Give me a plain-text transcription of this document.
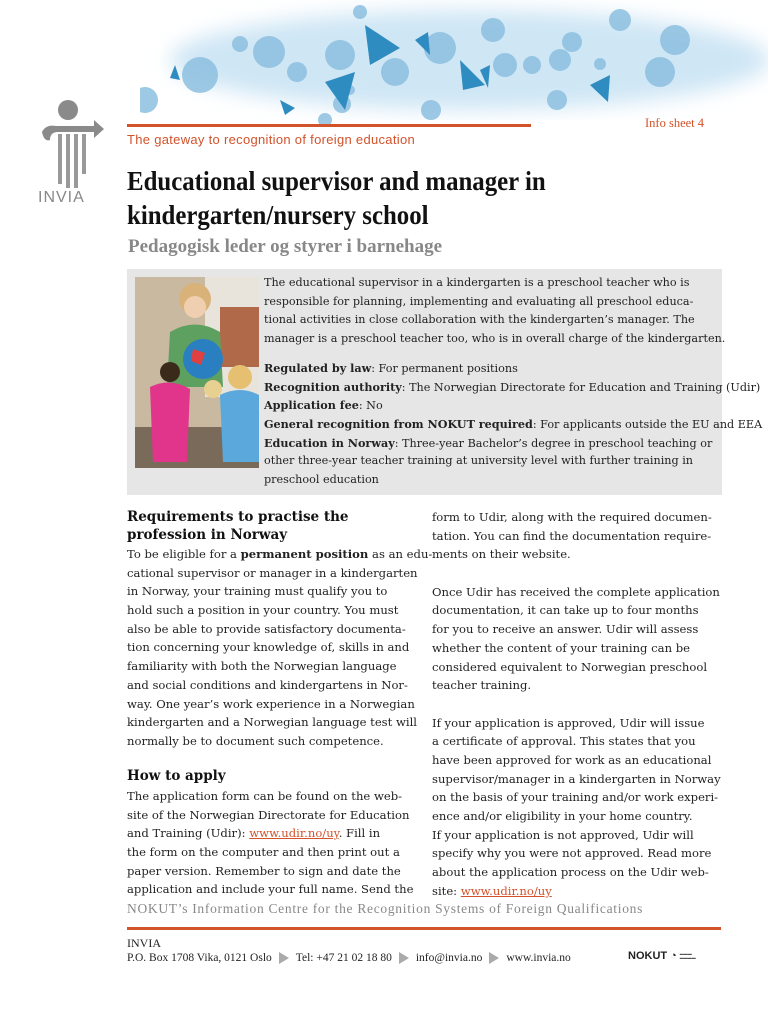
Info sheet 4
The gateway to recognition of foreign education
INVIA
Educational supervisor and manager in
kindergarten/nursery school
Pedagogisk leder og styrer i barnehage
The educational supervisor in a kindergarten is a preschool teacher who is
responsible for planning, implementing and evaluating all preschool educa-
tional activities in close collaboration with the kindergarten’s manager. The
manager is a preschool teacher too, who is in overall charge of the kindergarten.
Regulated by law: For permanent positions
Recognition authority: The Norwegian Directorate for Education and Training (Udir)
Application fee: No
General recognition from NOKUT required: For applicants outside the EU and EEA
Education in Norway: Three-year Bachelor’s degree in preschool teaching or
other three-year teacher training at university level with further training in
preschool education
Requirements to practise the
profession in Norway
To be eligible for a permanent position as an edu-
cational supervisor or manager in a kindergarten
in Norway, your training must qualify you to
hold such a position in your country. You must
also be able to provide satisfactory documenta-
tion concerning your knowledge of, skills in and
familiarity with both the Norwegian language
and social conditions and kindergartens in Nor-
way. One year’s work experience in a Norwegian
kindergarten and a Norwegian language test will
normally be to document such competence.
How to apply
The application form can be found on the web-
site of the Norwegian Directorate for Education
and Training (Udir): www.udir.no/uy. Fill in
the form on the computer and then print out a
paper version. Remember to sign and date the
application and include your full name. Send the
form to Udir, along with the required documen-
tation. You can find the documentation require-
ments on their website.
Once Udir has received the complete application
documentation, it can take up to four months
for you to receive an answer. Udir will assess
whether the content of your training can be
considered equivalent to Norwegian preschool
teacher training.
If your application is approved, Udir will issue
a certificate of approval. This states that you
have been approved for work as an educational
supervisor/manager in a kindergarten in Norway
on the basis of your training and/or work experi-
ence and/or eligibility in your home country.
If your application is not approved, Udir will
specify why you were not approved. Read more
about the application process on the Udir web-
site: www.udir.no/uy
NOKUT’s Information Centre for the Recognition Systems of Foreign Qualifications
INVIA
P.O. Box 1708 Vika, 0121 Oslo Tel: +47 21 02 18 80 info@invia.no www.invia.no	NOKUT ◔ ▬▬▬
▬▬▬▬
